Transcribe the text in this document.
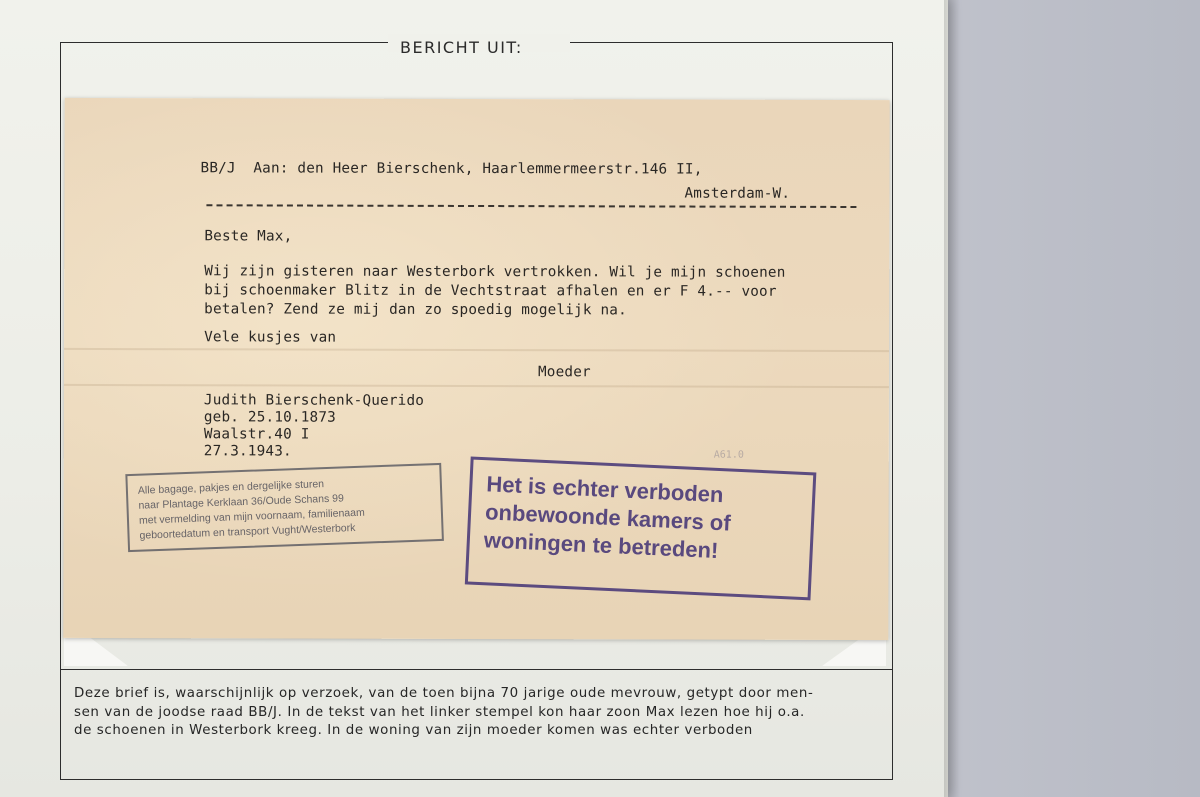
BERICHT UIT:
BB/J  Aan: den Heer Bierschenk, Haarlemmermeerstr.146 II,
Amsterdam-W.
Beste Max,
Wij zijn gisteren naar Westerbork vertrokken. Wil je mijn schoenen
bij schoenmaker Blitz in de Vechtstraat afhalen en er F 4.-- voor
betalen? Zend ze mij dan zo spoedig mogelijk na.
Vele kusjes van
Moeder
Judith Bierschenk-Querido
geb. 25.10.1873
Waalstr.40 I
27.3.1943.	A61.0
Alle bagage, pakjes en dergelijke sturen
naar Plantage Kerklaan 36/Oude Schans 99
met vermelding van mijn voornaam, familienaam
geboortedatum en transport Vught/Westerbork
Het is echter verboden
onbewoonde kamers of
woningen te betreden!
Deze brief is, waarschijnlijk op verzoek, van de toen bijna 70 jarige oude mevrouw, getypt door men-
sen van de joodse raad BB/J. In de tekst van het linker stempel kon haar zoon Max lezen hoe hij o.a.
de schoenen in Westerbork kreeg. In de woning van zijn moeder komen was echter verboden
